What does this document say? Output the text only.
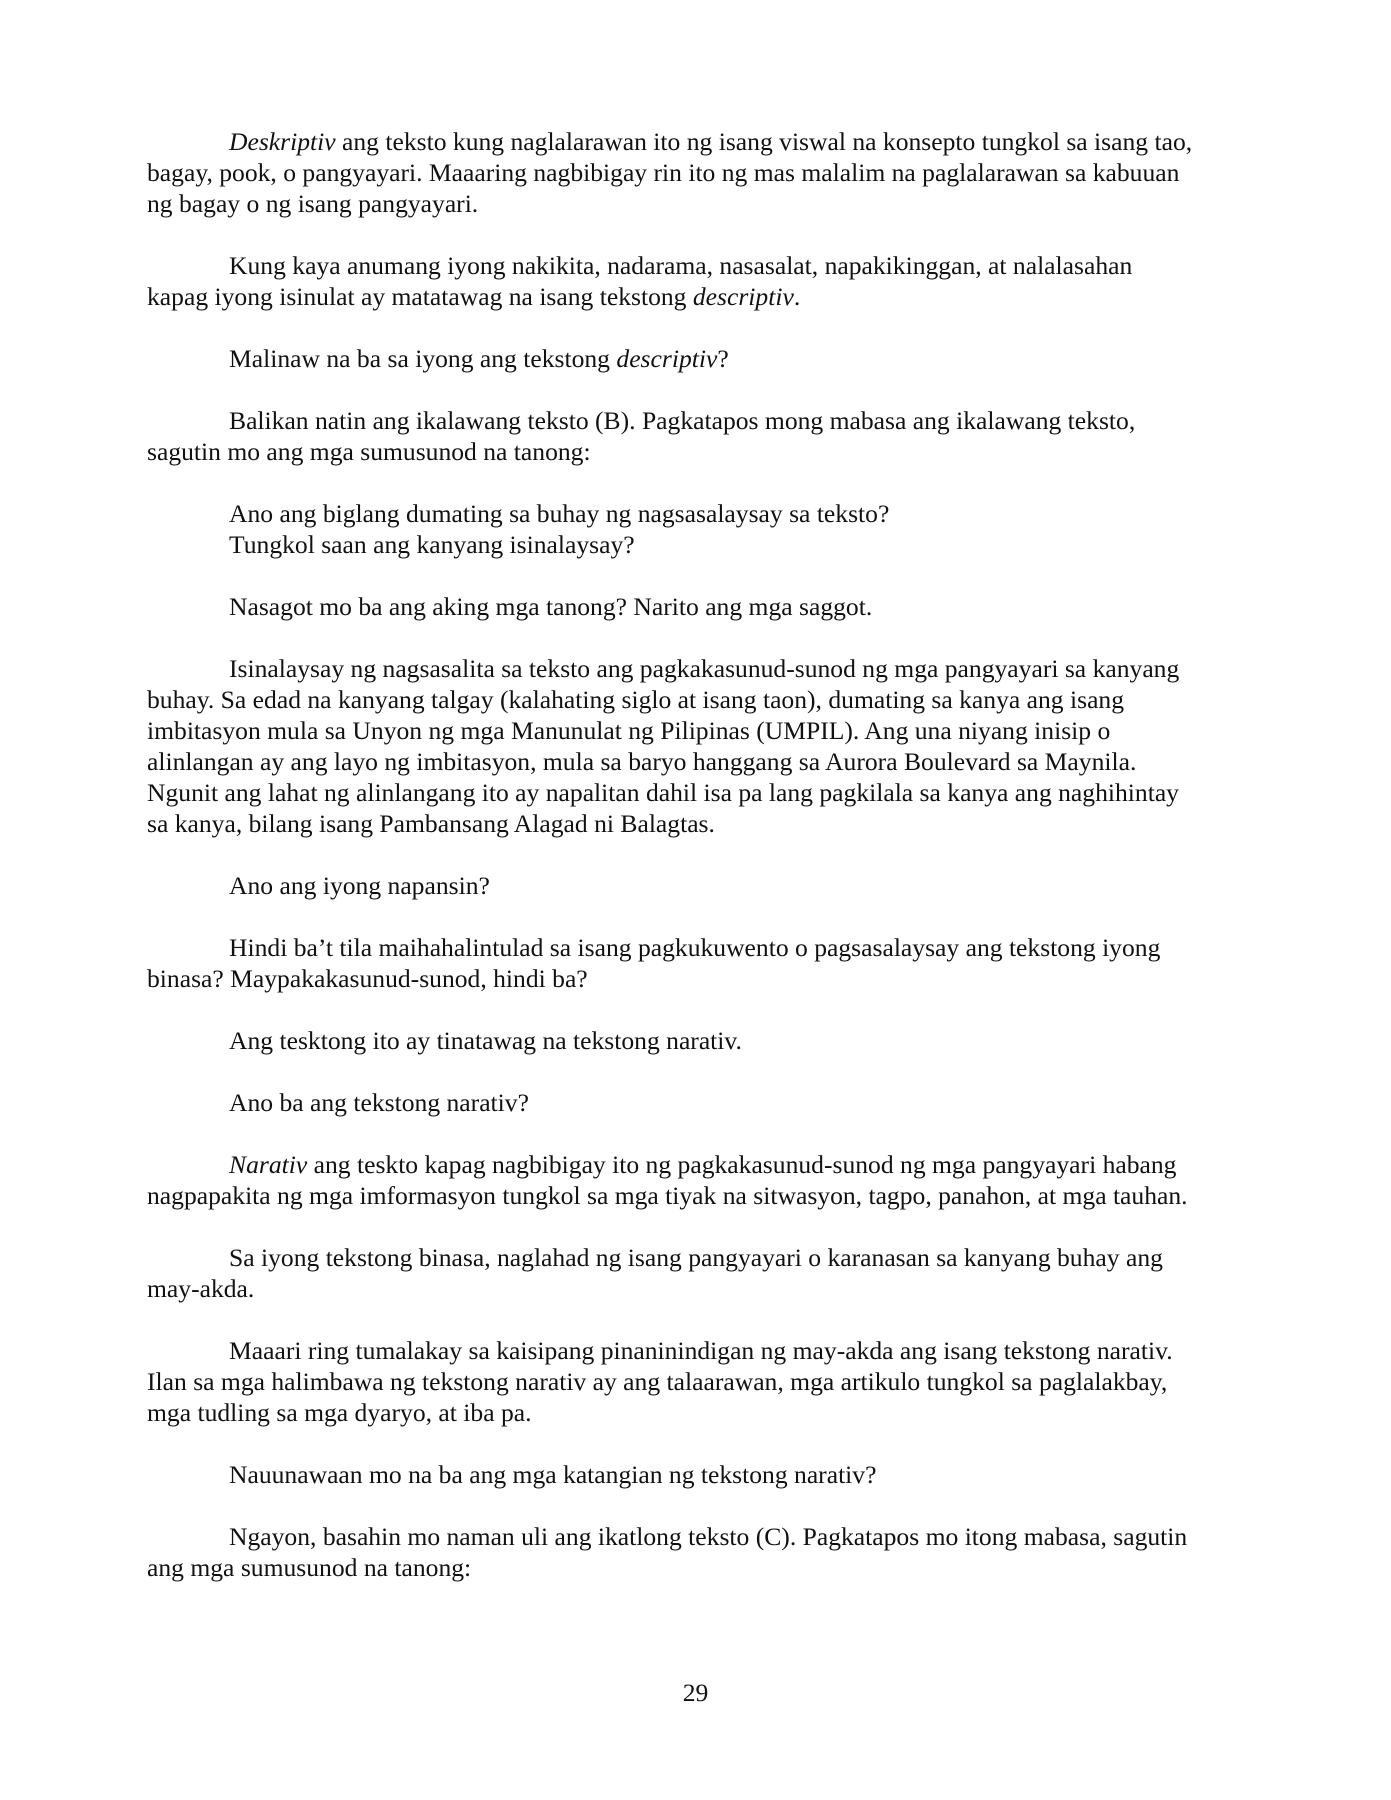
Deskriptiv ang teksto kung naglalarawan ito ng isang viswal na konsepto tungkol sa isang tao,
bagay, pook, o pangyayari. Maaaring nagbibigay rin ito ng mas malalim na paglalarawan sa kabuuan
ng bagay o ng isang pangyayari.

Kung kaya anumang iyong nakikita, nadarama, nasasalat, napakikinggan, at nalalasahan
kapag iyong isinulat ay matatawag na isang tekstong descriptiv.

Malinaw na ba sa iyong ang tekstong descriptiv?

Balikan natin ang ikalawang teksto (B). Pagkatapos mong mabasa ang ikalawang teksto,
sagutin mo ang mga sumusunod na tanong:

Ano ang biglang dumating sa buhay ng nagsasalaysay sa teksto?

Tungkol saan ang kanyang isinalaysay?

Nasagot mo ba ang aking mga tanong? Narito ang mga saggot.

Isinalaysay ng nagsasalita sa teksto ang pagkakasunud-sunod ng mga pangyayari sa kanyang
buhay. Sa edad na kanyang talgay (kalahating siglo at isang taon), dumating sa kanya ang isang
imbitasyon mula sa Unyon ng mga Manunulat ng Pilipinas (UMPIL). Ang una niyang inisip o
alinlangan ay ang layo ng imbitasyon, mula sa baryo hanggang sa Aurora Boulevard sa Maynila.
Ngunit ang lahat ng alinlangang ito ay napalitan dahil isa pa lang pagkilala sa kanya ang naghihintay
sa kanya, bilang isang Pambansang Alagad ni Balagtas.

Ano ang iyong napansin?

Hindi ba’t tila maihahalintulad sa isang pagkukuwento o pagsasalaysay ang tekstong iyong
binasa? Maypakakasunud-sunod, hindi ba?

Ang tesktong ito ay tinatawag na tekstong narativ.

Ano ba ang tekstong narativ?

Narativ ang teskto kapag nagbibigay ito ng pagkakasunud-sunod ng mga pangyayari habang
nagpapakita ng mga imformasyon tungkol sa mga tiyak na sitwasyon, tagpo, panahon, at mga tauhan.

Sa iyong tekstong binasa, naglahad ng isang pangyayari o karanasan sa kanyang buhay ang
may-akda.

Maaari ring tumalakay sa kaisipang pinaninindigan ng may-akda ang isang tekstong narativ.
Ilan sa mga halimbawa ng tekstong narativ ay ang talaarawan, mga artikulo tungkol sa paglalakbay,
mga tudling sa mga dyaryo, at iba pa.

Nauunawaan mo na ba ang mga katangian ng tekstong narativ?

Ngayon, basahin mo naman uli ang ikatlong teksto (C). Pagkatapos mo itong mabasa, sagutin
ang mga sumusunod na tanong:

29
